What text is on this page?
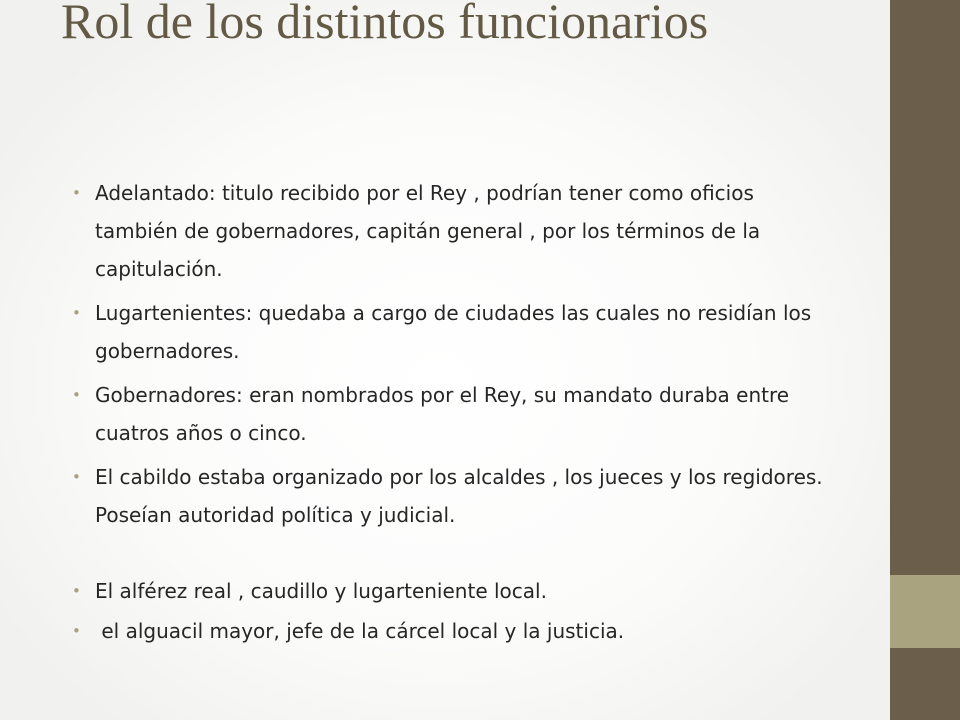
Rol de los distintos funcionarios
• Adelantado: titulo recibido por el Rey , podrían tener como oficios también de gobernadores, capitán general , por los términos de la capitulación.
• Lugartenientes: quedaba a cargo de ciudades las cuales no residían los gobernadores.
• Gobernadores: eran nombrados por el Rey, su mandato duraba entre cuatros años o cinco.
• El cabildo estaba organizado por los alcaldes , los jueces y los regidores. Poseían autoridad política y judicial.
• El alférez real , caudillo y lugarteniente local.
• el alguacil mayor, jefe de la cárcel local y la justicia.
